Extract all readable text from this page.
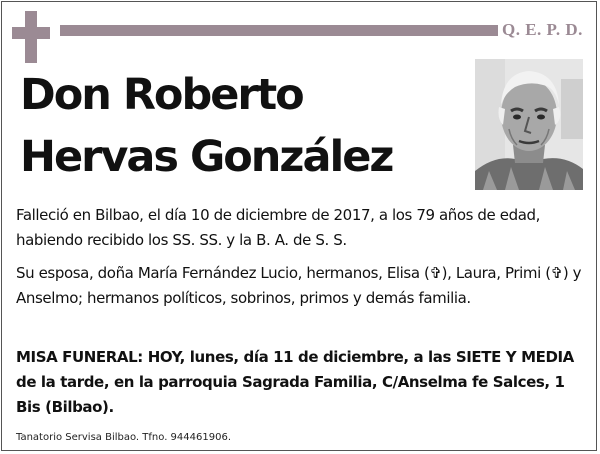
Q. E. P. D.
Don Roberto
Hervas González

Falleció en Bilbao, el día 10 de diciembre de 2017, a los 79 años de edad, habiendo recibido los SS. SS. y la B. A. de S. S.

Su esposa, doña María Fernández Lucio, hermanos, Elisa (✞), Laura, Primi (✞) y Anselmo; hermanos políticos, sobrinos, primos y demás familia.

MISA FUNERAL: HOY, lunes, día 11 de diciembre, a las SIETE Y MEDIA de la tarde, en la parroquia Sagrada Familia, C/Anselma fe Salces, 1 Bis (Bilbao).

Tanatorio Servisa Bilbao. Tfno. 944461906.
